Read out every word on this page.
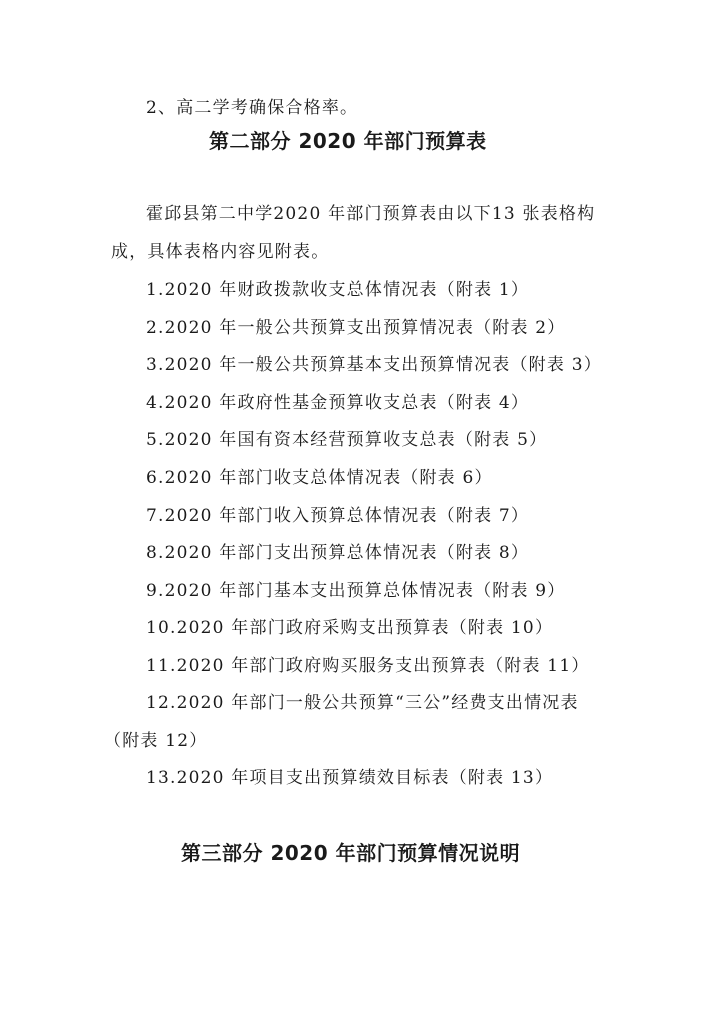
2、高二学考确保合格率。
第二部分 2020 年部门预算表
霍邱县第二中学2020 年部门预算表由以下13 张表格构
成，具体表格内容见附表。
1.2020 年财政拨款收支总体情况表（附表 1）
2.2020 年一般公共预算支出预算情况表（附表 2）
3.2020 年一般公共预算基本支出预算情况表（附表 3）
4.2020 年政府性基金预算收支总表（附表 4）
5.2020 年国有资本经营预算收支总表（附表 5）
6.2020 年部门收支总体情况表（附表 6）
7.2020 年部门收入预算总体情况表（附表 7）
8.2020 年部门支出预算总体情况表（附表 8）
9.2020 年部门基本支出预算总体情况表（附表 9）
10.2020 年部门政府采购支出预算表（附表 10）
11.2020 年部门政府购买服务支出预算表（附表 11）
12.2020 年部门一般公共预算“三公”经费支出情况表
（附表 12）
13.2020 年项目支出预算绩效目标表（附表 13）
第三部分 2020 年部门预算情况说明
